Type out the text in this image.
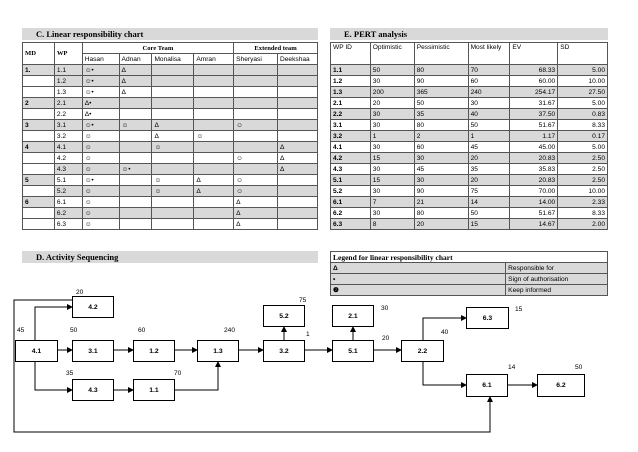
C. Linear responsibility chart	E. PERT analysis
D. Activity Sequencing
MD	WP	Core Team				Extended team	
		Hasan	Adnan	Monalisa	Amran	Sheryasi	Deekshaa
1.	1.1	☺•	Δ				
	1.2	☺•	Δ				
	1.3	☺•	Δ				
2	2.1	Δ•					
	2.2	Δ•					
3	3.1	☺•	☺	Δ		☺	
	3.2	☺		Δ	☺		
4	4.1	☺		☺			Δ
	4.2	☺				☺	Δ
	4.3	☺	☺•				Δ
5	5.1	☺•		☺	Δ	☺	
	5.2	☺		☺	Δ	☺	
6	6.1	☺				Δ	
	6.2	☺				Δ	
	6.3	☺				Δ	
WP ID	Optimistic	Pessimistic	Most likely	EV	SD
1.1	50	80	70	68.33	5.00
1.2	30	90	60	60.00	10.00
1.3	200	365	240	254.17	27.50
2.1	20	50	30	31.67	5.00
2.2	30	35	40	37.50	0.83
3.1	30	80	50	51.67	8.33
3.2	1	2	1	1.17	0.17
4.1	30	60	45	45.00	5.00
4.2	15	30	20	20.83	2.50
4.3	30	45	35	35.83	2.50
5.1	15	30	20	20.83	2.50
5.2	30	90	75	70.00	10.00
6.1	7	21	14	14.00	2.33
6.2	30	80	50	51.67	8.33
6.3	8	20	15	14.67	2.00
Legend for linear responsibility chart	
Δ	Responsible for
•	Sign of authorisation
❷	Keep informed
4.1	3.1	1.2	1.3	3.2	5.1	2.2
4.2
4.3	1.1
5.2	2.1	6.3
6.1	6.2
45	50	60	240
1
20
40
20
35	70
75
30	15
14	50
